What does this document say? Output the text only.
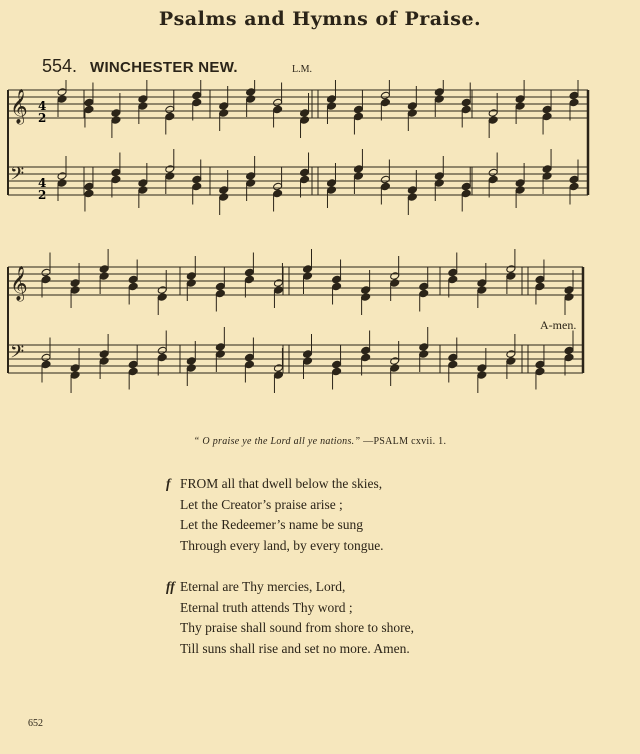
Psalms and Hymns of Praise.
554. WINCHESTER NEW.	L.M.
4
2
4
2
𝄞
𝄢
𝄞
𝄢
A-men.
“ O praise ye the Lord all ye nations.” —PSALM cxvii. 1.
f FROM all that dwell below the skies,
Let the Creator’s praise arise ;
Let the Redeemer’s name be sung
Through every land, by every tongue.
ff Eternal are Thy mercies, Lord,
Eternal truth attends Thy word ;
Thy praise shall sound from shore to shore,
Till suns shall rise and set no more. Amen.
652
